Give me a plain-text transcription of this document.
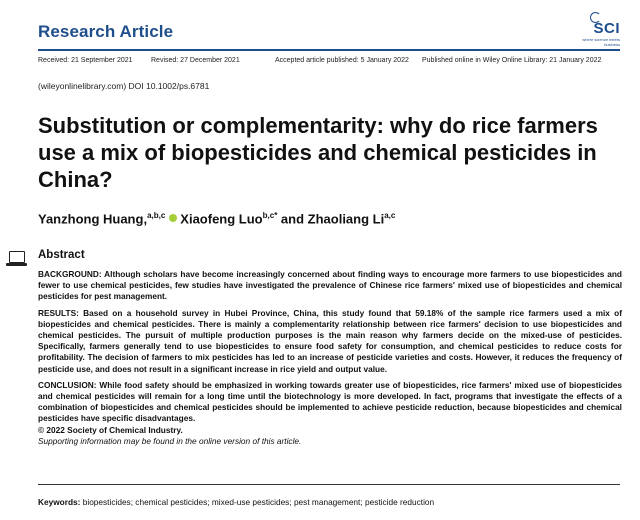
Research Article	SCI
where science meets business
Received: 21 September 2021	Revised: 27 December 2021	Accepted article published: 5 January 2022 Published online in Wiley Online Library: 21 January 2022
(wileyonlinelibrary.com) DOI 10.1002/ps.6781
Substitution or complementarity: why do rice farmers use a mix of biopesticides and chemical pesticides in China?
Yanzhong Huang,$^{a,b,c}$ Xiaofeng Luo$^{b,c*}$ and Zhaoliang Li$^{a,c}$
Abstract

BACKGROUND: Although scholars have become increasingly concerned about finding ways to encourage more farmers to use biopesticides and fewer to use chemical pesticides, few studies have investigated the prevalence of Chinese rice farmers' mixed use of biopesticides and chemical pesticides for pest management.

RESULTS: Based on a household survey in Hubei Province, China, this study found that 59.18% of the sample rice farmers used a mix of biopesticides and chemical pesticides. There is mainly a complementarity relationship between rice farmers' decision to use biopesticides and chemical pesticides. The pursuit of multiple production purposes is the main reason why farmers decide on the mixed-use of pesticides. Specifically, farmers generally tend to use biopesticides to ensure food safety for consumption, and chemical pesticides to reduce costs for profitability. The decision of farmers to mix pesticides has led to an increase of pesticide varieties and costs. However, it reduces the frequency of pesticide use, and does not result in a significant increase in rice yield and output value.

CONCLUSION: While food safety should be emphasized in working towards greater use of biopesticides, rice farmers' mixed use of biopesticides and chemical pesticides will remain for a long time until the biotechnology is more developed. In fact, programs that investigate the effects of a combination of biopesticides and chemical pesticides should be implemented to achieve pesticide reduction, because biopesticides and chemical pesticides have specific disadvantages.
© 2022 Society of Chemical Industry.
Supporting information may be found in the online version of this article.

Keywords: biopesticides; chemical pesticides; mixed-use pesticides; pest management; pesticide reduction
